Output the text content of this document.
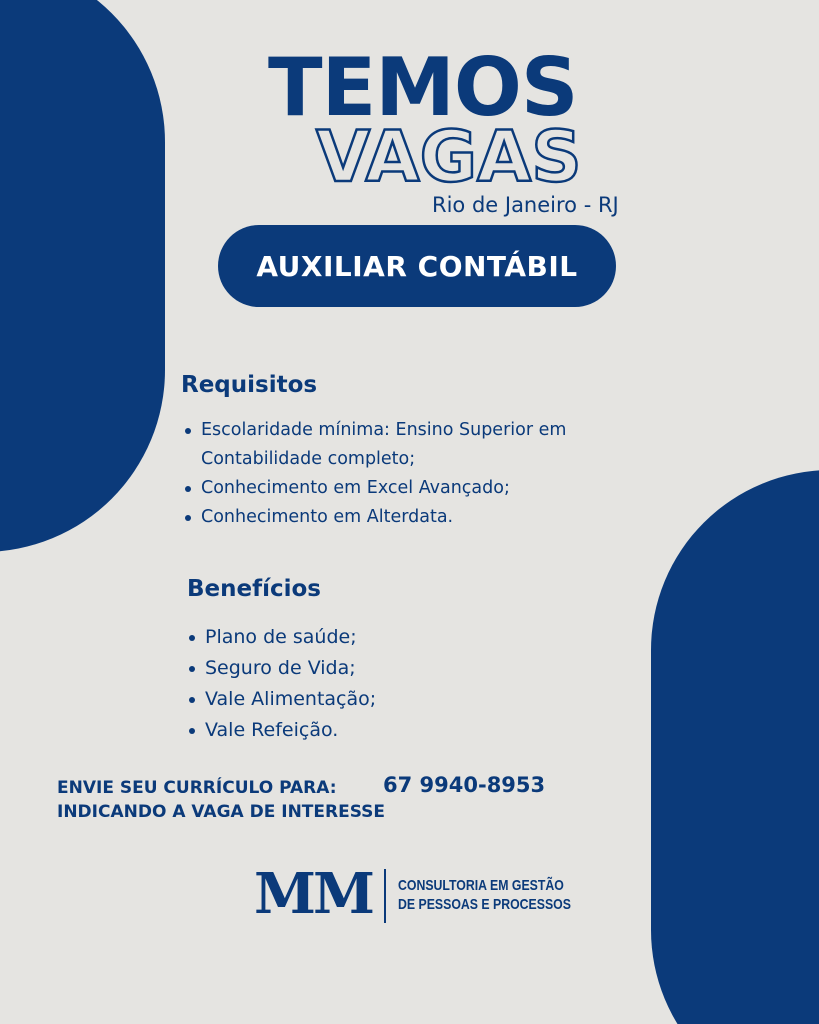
TEMOS
VAGAS
Rio de Janeiro - RJ
AUXILIAR CONTÁBIL
Requisitos
Escolaridade mínima: Ensino Superior em Contabilidade completo;
Conhecimento em Excel Avançado;
Conhecimento em Alterdata.
Benefícios
Plano de saúde;
Seguro de Vida;
Vale Alimentação;
Vale Refeição.
ENVIE SEU CURRÍCULO PARA: 67 9940-8953
INDICANDO A VAGA DE INTERESSE
MM CONSULTORIA EM GESTÃO
DE PESSOAS E PROCESSOS
